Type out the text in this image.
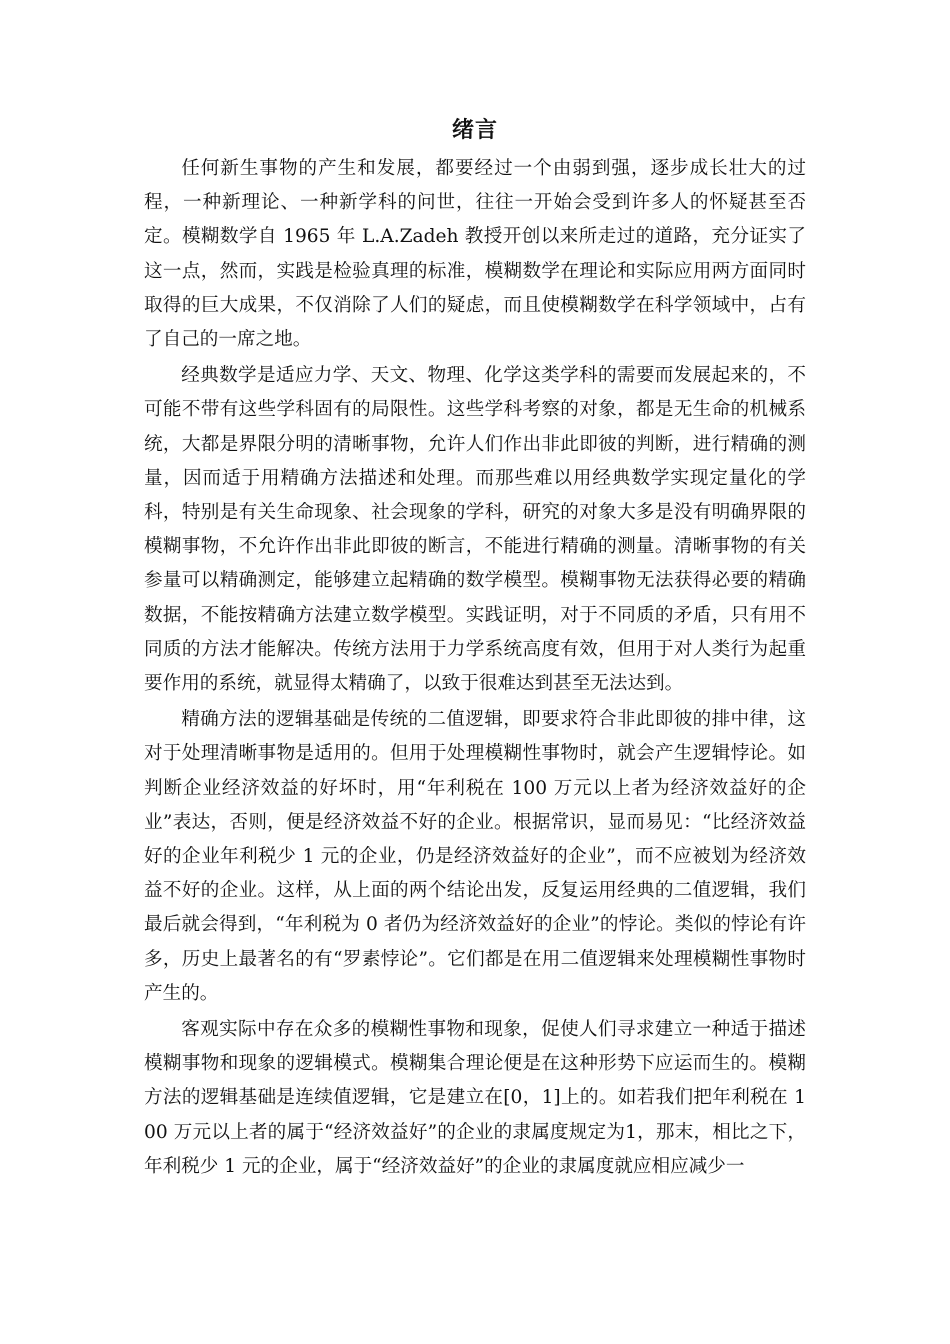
绪言

任何新生事物的产生和发展，都要经过一个由弱到强，逐步成长壮大的过程，一种新理论、一种新学科的问世，往往一开始会受到许多人的怀疑甚至否定。模糊数学自 1965 年 L.A.Zadeh 教授开创以来所走过的道路，充分证实了这一点，然而，实践是检验真理的标准，模糊数学在理论和实际应用两方面同时取得的巨大成果，不仅消除了人们的疑虑，而且使模糊数学在科学领域中，占有了自己的一席之地。

经典数学是适应力学、天文、物理、化学这类学科的需要而发展起来的，不可能不带有这些学科固有的局限性。这些学科考察的对象，都是无生命的机械系统，大都是界限分明的清晰事物，允许人们作出非此即彼的判断，进行精确的测量，因而适于用精确方法描述和处理。而那些难以用经典数学实现定量化的学科，特别是有关生命现象、社会现象的学科，研究的对象大多是没有明确界限的模糊事物，不允许作出非此即彼的断言，不能进行精确的测量。清晰事物的有关参量可以精确测定，能够建立起精确的数学模型。模糊事物无法获得必要的精确数据，不能按精确方法建立数学模型。实践证明，对于不同质的矛盾，只有用不同质的方法才能解决。传统方法用于力学系统高度有效，但用于对人类行为起重要作用的系统，就显得太精确了，以致于很难达到甚至无法达到。

精确方法的逻辑基础是传统的二值逻辑，即要求符合非此即彼的排中律，这对于处理清晰事物是适用的。但用于处理模糊性事物时，就会产生逻辑悖论。如判断企业经济效益的好坏时，用“年利税在 100 万元以上者为经济效益好的企业”表达，否则，便是经济效益不好的企业。根据常识，显而易见：“比经济效益好的企业年利税少 1 元的企业，仍是经济效益好的企业”，而不应被划为经济效益不好的企业。这样，从上面的两个结论出发，反复运用经典的二值逻辑，我们最后就会得到，“年利税为 0 者仍为经济效益好的企业”的悖论。类似的悖论有许多，历史上最著名的有“罗素悖论”。它们都是在用二值逻辑来处理模糊性事物时产生的。

客观实际中存在众多的模糊性事物和现象，促使人们寻求建立一种适于描述模糊事物和现象的逻辑模式。模糊集合理论便是在这种形势下应运而生的。模糊方法的逻辑基础是连续值逻辑，它是建立在[0，1]上的。如若我们把年利税在 100 万元以上者的属于“经济效益好”的企业的隶属度规定为1，那末，相比之下，年利税少 1 元的企业，属于“经济效益好”的企业的隶属度就应相应减少一
